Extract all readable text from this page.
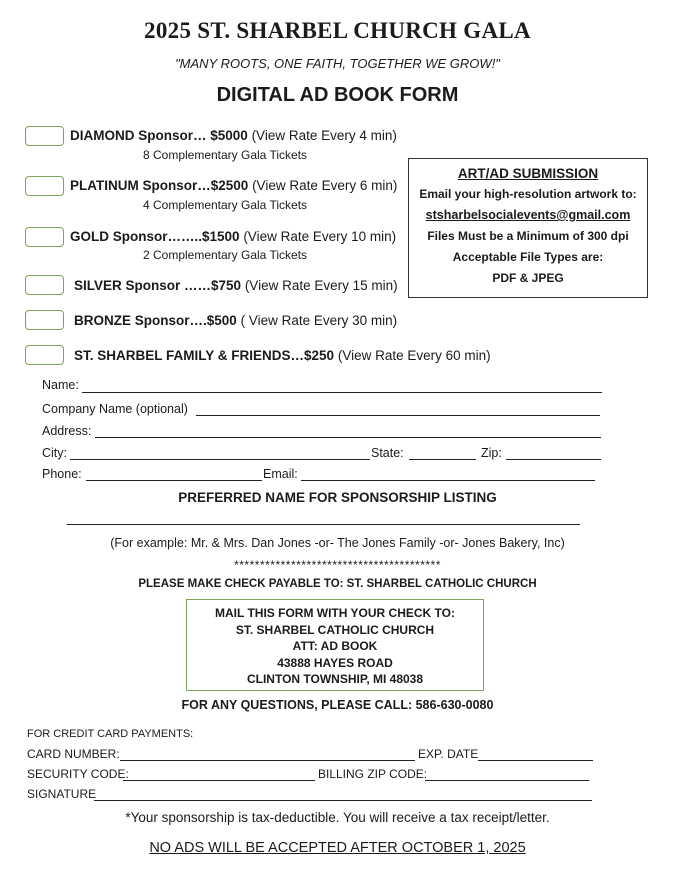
2025 ST. SHARBEL CHURCH GALA
"MANY ROOTS, ONE FAITH, TOGETHER WE GROW!"
DIGITAL AD BOOK FORM
DIAMOND Sponsor… $5000 (View Rate Every 4 min)
8 Complementary Gala Tickets
PLATINUM Sponsor…$2500 (View Rate Every 6 min)
4 Complementary Gala Tickets
GOLD Sponsor……..$1500 (View Rate Every 10 min)
2 Complementary Gala Tickets
SILVER Sponsor ……$750 (View Rate Every 15 min)
BRONZE Sponsor….$500 ( View Rate Every 30 min)
ST. SHARBEL FAMILY & FRIENDS…$250 (View Rate Every 60 min)
ART/AD SUBMISSION
Email your high-resolution artwork to:
stsharbelsocialevents@gmail.com
Files Must be a Minimum of 300 dpi
Acceptable File Types are:
PDF & JPEG
Name:
Company Name (optional)
Address:
City:	State:	Zip:
Phone:	Email:
PREFERRED NAME FOR SPONSORSHIP LISTING
(For example: Mr. & Mrs. Dan Jones -or- The Jones Family -or- Jones Bakery, Inc)
****************************************
PLEASE MAKE CHECK PAYABLE TO: ST. SHARBEL CATHOLIC CHURCH
MAIL THIS FORM WITH YOUR CHECK TO:
ST. SHARBEL CATHOLIC CHURCH
ATT: AD BOOK
43888 HAYES ROAD
CLINTON TOWNSHIP, MI 48038
FOR ANY QUESTIONS, PLEASE CALL: 586-630-0080
FOR CREDIT CARD PAYMENTS:
CARD NUMBER:	EXP. DATE
SECURITY CODE:	BILLING ZIP CODE:
SIGNATURE
*Your sponsorship is tax-deductible. You will receive a tax receipt/letter.
NO ADS WILL BE ACCEPTED AFTER OCTOBER 1, 2025
